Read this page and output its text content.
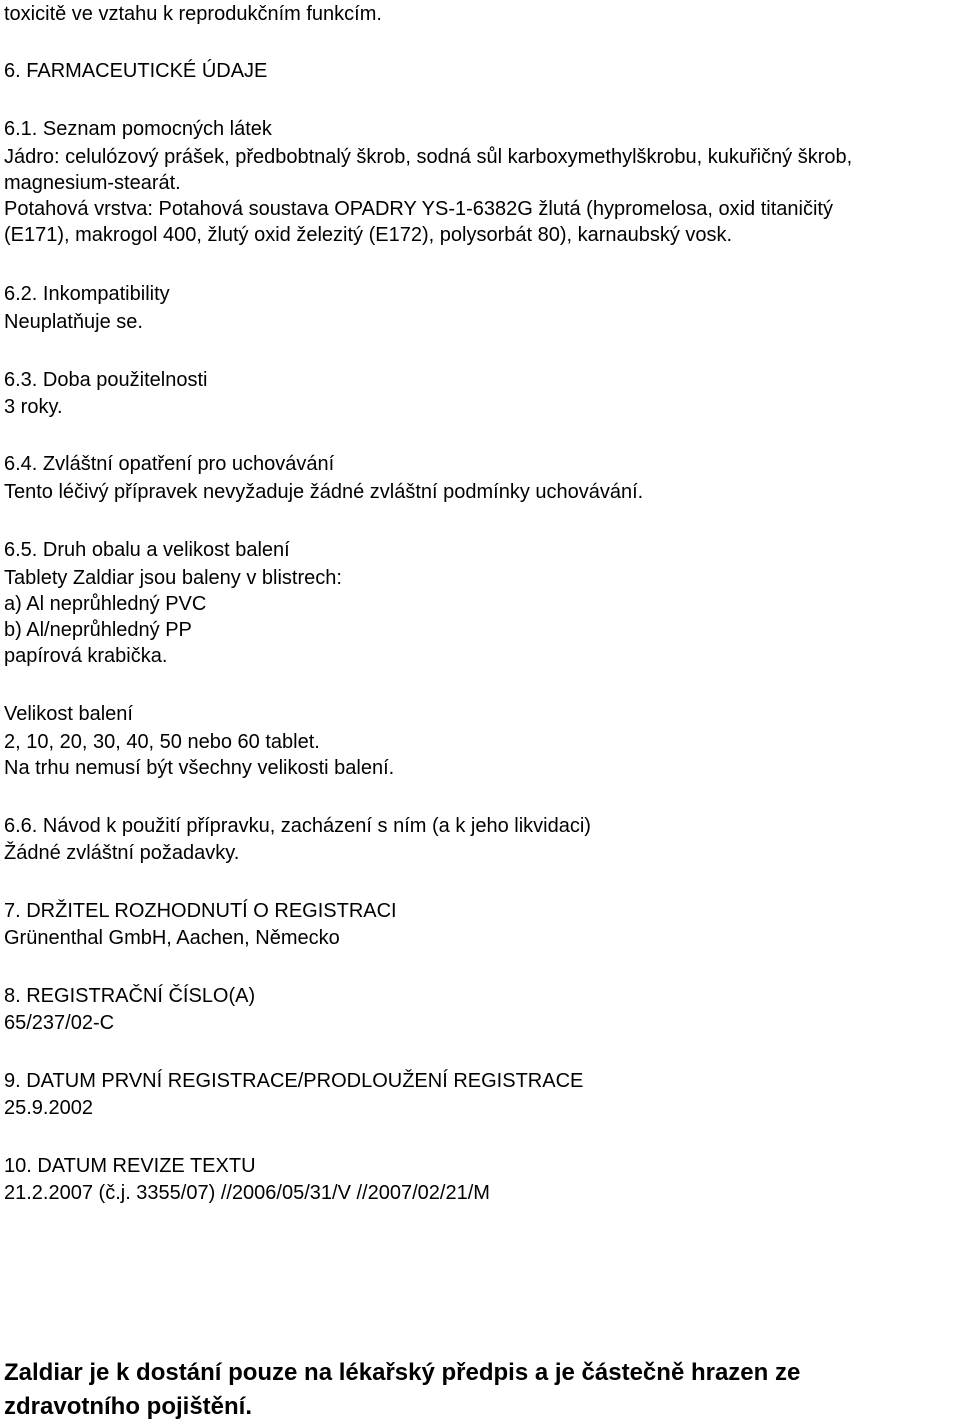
toxicitě ve vztahu k reprodukčním funkcím.
6. FARMACEUTICKÉ ÚDAJE
6.1. Seznam pomocných látek
Jádro: celulózový prášek, předbobtnalý škrob, sodná sůl karboxymethylškrobu, kukuřičný škrob,
magnesium-stearát.
Potahová vrstva: Potahová soustava OPADRY YS-1-6382G žlutá (hypromelosa, oxid titaničitý
(E171), makrogol 400, žlutý oxid železitý (E172), polysorbát 80), karnaubský vosk.
6.2. Inkompatibility
Neuplatňuje se.
6.3. Doba použitelnosti
3 roky.
6.4. Zvláštní opatření pro uchovávání
Tento léčivý přípravek nevyžaduje žádné zvláštní podmínky uchovávání.
6.5. Druh obalu a velikost balení
Tablety Zaldiar jsou baleny v blistrech:
a) Al neprůhledný PVC
b) Al/neprůhledný PP
papírová krabička.
Velikost balení
2, 10, 20, 30, 40, 50 nebo 60 tablet.
Na trhu nemusí být všechny velikosti balení.
6.6. Návod k použití přípravku, zacházení s ním (a k jeho likvidaci)
Žádné zvláštní požadavky.
7. DRŽITEL ROZHODNUTÍ O REGISTRACI
Grünenthal GmbH, Aachen, Německo
8. REGISTRAČNÍ ČÍSLO(A)
65/237/02-C
9. DATUM PRVNÍ REGISTRACE/PRODLOUŽENÍ REGISTRACE
25.9.2002
10. DATUM REVIZE TEXTU
21.2.2007 (č.j. 3355/07) //2006/05/31/V //2007/02/21/M
Zaldiar je k dostání pouze na lékařský předpis a je částečně hrazen ze
zdravotního pojištění.
